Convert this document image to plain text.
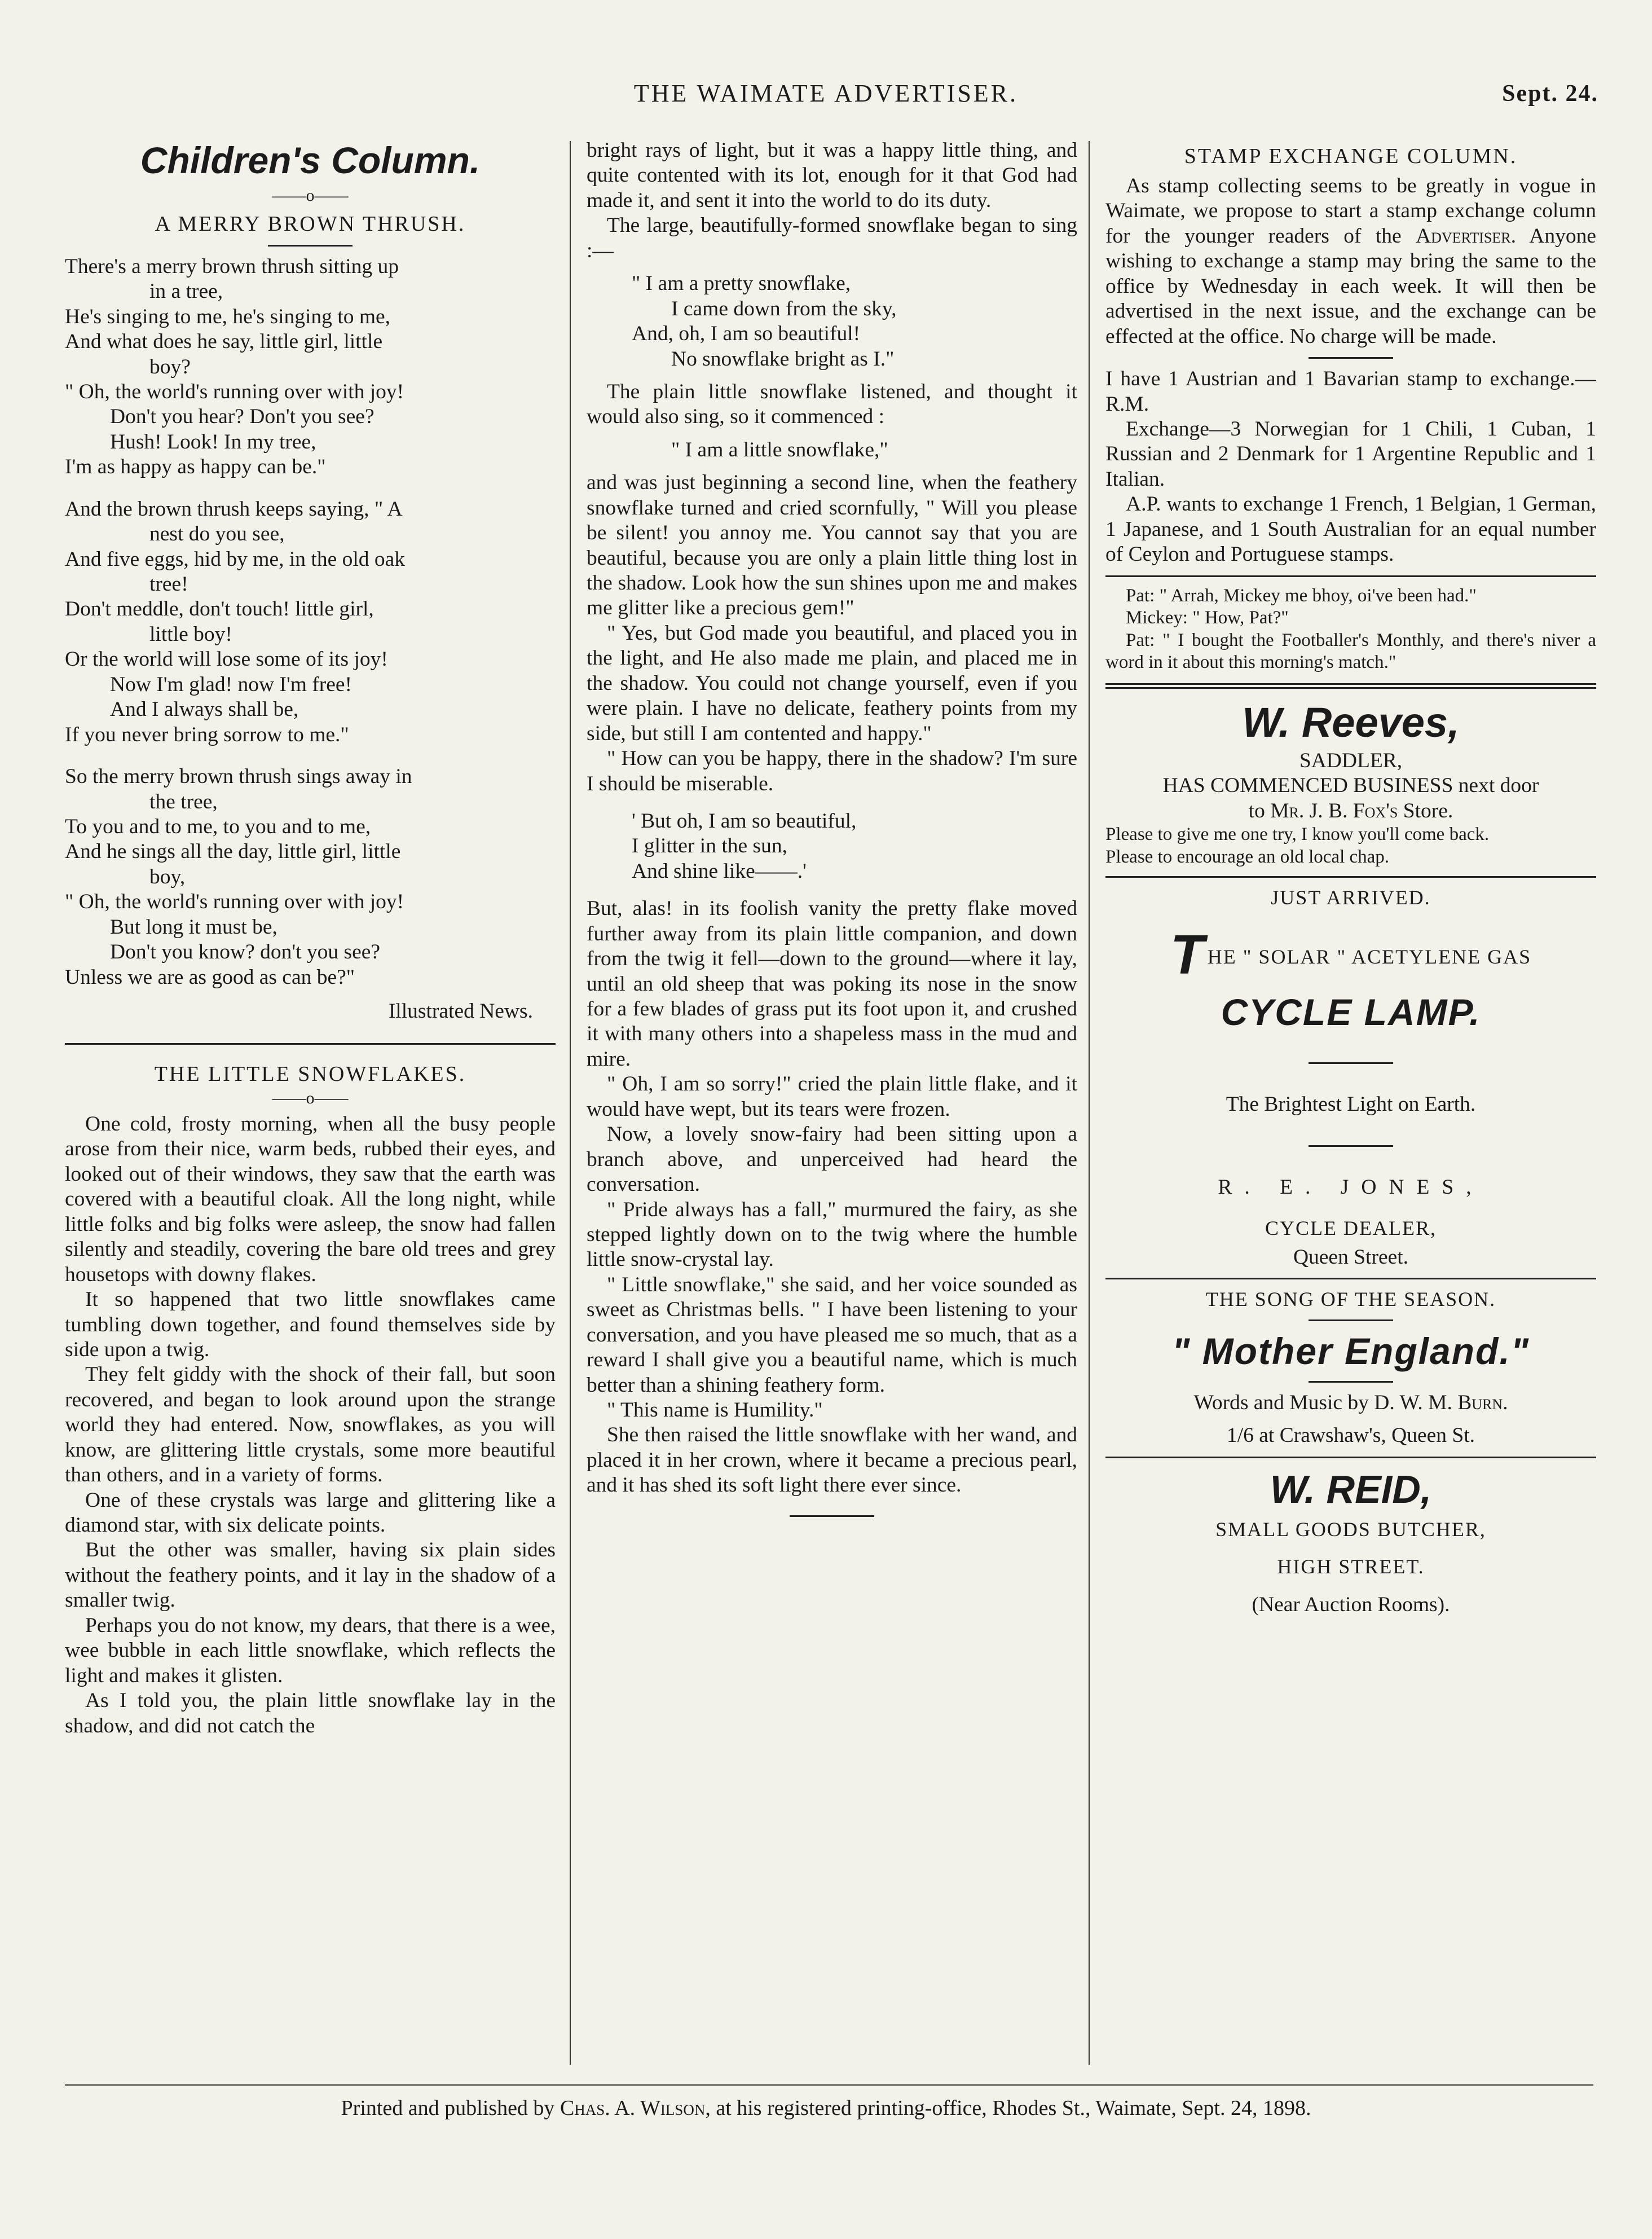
THE WAIMATE ADVERTISER.	Sept. 24.
Children's Column.
——o——
A MERRY BROWN THRUSH.

There's a merry brown thrush sitting up

in a tree,

He's singing to me, he's singing to me,

And what does he say, little girl, little

boy?

" Oh, the world's running over with joy!

Don't you hear? Don't you see?

Hush! Look! In my tree,

I'm as happy as happy can be."

And the brown thrush keeps saying, " A

nest do you see,

And five eggs, hid by me, in the old oak

tree!

Don't meddle, don't touch! little girl,

little boy!

Or the world will lose some of its joy!

Now I'm glad! now I'm free!

And I always shall be,

If you never bring sorrow to me."

So the merry brown thrush sings away in

the tree,

To you and to me, to you and to me,

And he sings all the day, little girl, little

boy,

" Oh, the world's running over with joy!

But long it must be,

Don't you know? don't you see?

Unless we are as good as can be?"

Illustrated News.

THE LITTLE SNOWFLAKES.
——o——

One cold, frosty morning, when all the busy people arose from their nice, warm beds, rubbed their eyes, and looked out of their windows, they saw that the earth was covered with a beautiful cloak. All the long night, while little folks and big folks were asleep, the snow had fallen silently and steadily, covering the bare old trees and grey housetops with downy flakes.

It so happened that two little snowflakes came tumbling down together, and found themselves side by side upon a twig.

They felt giddy with the shock of their fall, but soon recovered, and began to look around upon the strange world they had entered. Now, snowflakes, as you will know, are glittering little crystals, some more beautiful than others, and in a variety of forms.

One of these crystals was large and glittering like a diamond star, with six delicate points.

But the other was smaller, having six plain sides without the feathery points, and it lay in the shadow of a smaller twig.

Perhaps you do not know, my dears, that there is a wee, wee bubble in each little snowflake, which reflects the light and makes it glisten.

As I told you, the plain little snowflake lay in the shadow, and did not catch the

bright rays of light, but it was a happy little thing, and quite contented with its lot, enough for it that God had made it, and sent it into the world to do its duty.

The large, beautifully-formed snowflake began to sing :—

" I am a pretty snowflake,

I came down from the sky,

And, oh, I am so beautiful!

No snowflake bright as I."

The plain little snowflake listened, and thought it would also sing, so it commenced :

" I am a little snowflake,"

and was just beginning a second line, when the feathery snowflake turned and cried scornfully, " Will you please be silent! you annoy me. You cannot say that you are beautiful, because you are only a plain little thing lost in the shadow. Look how the sun shines upon me and makes me glitter like a precious gem!"

" Yes, but God made you beautiful, and placed you in the light, and He also made me plain, and placed me in the shadow. You could not change yourself, even if you were plain. I have no delicate, feathery points from my side, but still I am contented and happy."

" How can you be happy, there in the shadow? I'm sure I should be miserable.

' But oh, I am so beautiful,

I glitter in the sun,

And shine like——.'

But, alas! in its foolish vanity the pretty flake moved further away from its plain little companion, and down from the twig it fell—down to the ground—where it lay, until an old sheep that was poking its nose in the snow for a few blades of grass put its foot upon it, and crushed it with many others into a shapeless mass in the mud and mire.

" Oh, I am so sorry!" cried the plain little flake, and it would have wept, but its tears were frozen.

Now, a lovely snow-fairy had been sitting upon a branch above, and unperceived had heard the conversation.

" Pride always has a fall," murmured the fairy, as she stepped lightly down on to the twig where the humble little snow-crystal lay.

" Little snowflake," she said, and her voice sounded as sweet as Christmas bells. " I have been listening to your conversation, and you have pleased me so much, that as a reward I shall give you a beautiful name, which is much better than a shining feathery form.

" This name is Humility."

She then raised the little snowflake with her wand, and placed it in her crown, where it became a precious pearl, and it has shed its soft light there ever since.

STAMP EXCHANGE COLUMN.

As stamp collecting seems to be greatly in vogue in Waimate, we propose to start a stamp exchange column for the younger readers of the Advertiser. Anyone wishing to exchange a stamp may bring the same to the office by Wednesday in each week. It will then be advertised in the next issue, and the exchange can be effected at the office. No charge will be made.

I have 1 Austrian and 1 Bavarian stamp to exchange.—R.M.

Exchange—3 Norwegian for 1 Chili, 1 Cuban, 1 Russian and 2 Denmark for 1 Argentine Republic and 1 Italian.

A.P. wants to exchange 1 French, 1 Belgian, 1 German, 1 Japanese, and 1 South Australian for an equal number of Ceylon and Portuguese stamps.

Pat: " Arrah, Mickey me bhoy, oi've been had."

Mickey: " How, Pat?"

Pat: " I bought the Footballer's Monthly, and there's niver a word in it about this morning's match."

W. Reeves,
SADDLER,
HAS COMMENCED BUSINESS next door
to Mr. J. B. Fox's Store.

Please to give me one try, I know you'll come back.

Please to encourage an old local chap.

JUST ARRIVED.
THE " SOLAR " ACETYLENE GAS
CYCLE LAMP.
The Brightest Light on Earth.
R. E. JONES,
CYCLE DEALER,
Queen Street.
THE SONG OF THE SEASON.
" Mother England."
Words and Music by D. W. M. Burn.
1/6 at Crawshaw's, Queen St.
W. REID,
SMALL GOODS BUTCHER,
HIGH STREET.
(Near Auction Rooms).
Printed and published by Chas. A. Wilson, at his registered printing-office, Rhodes St., Waimate, Sept. 24, 1898.
